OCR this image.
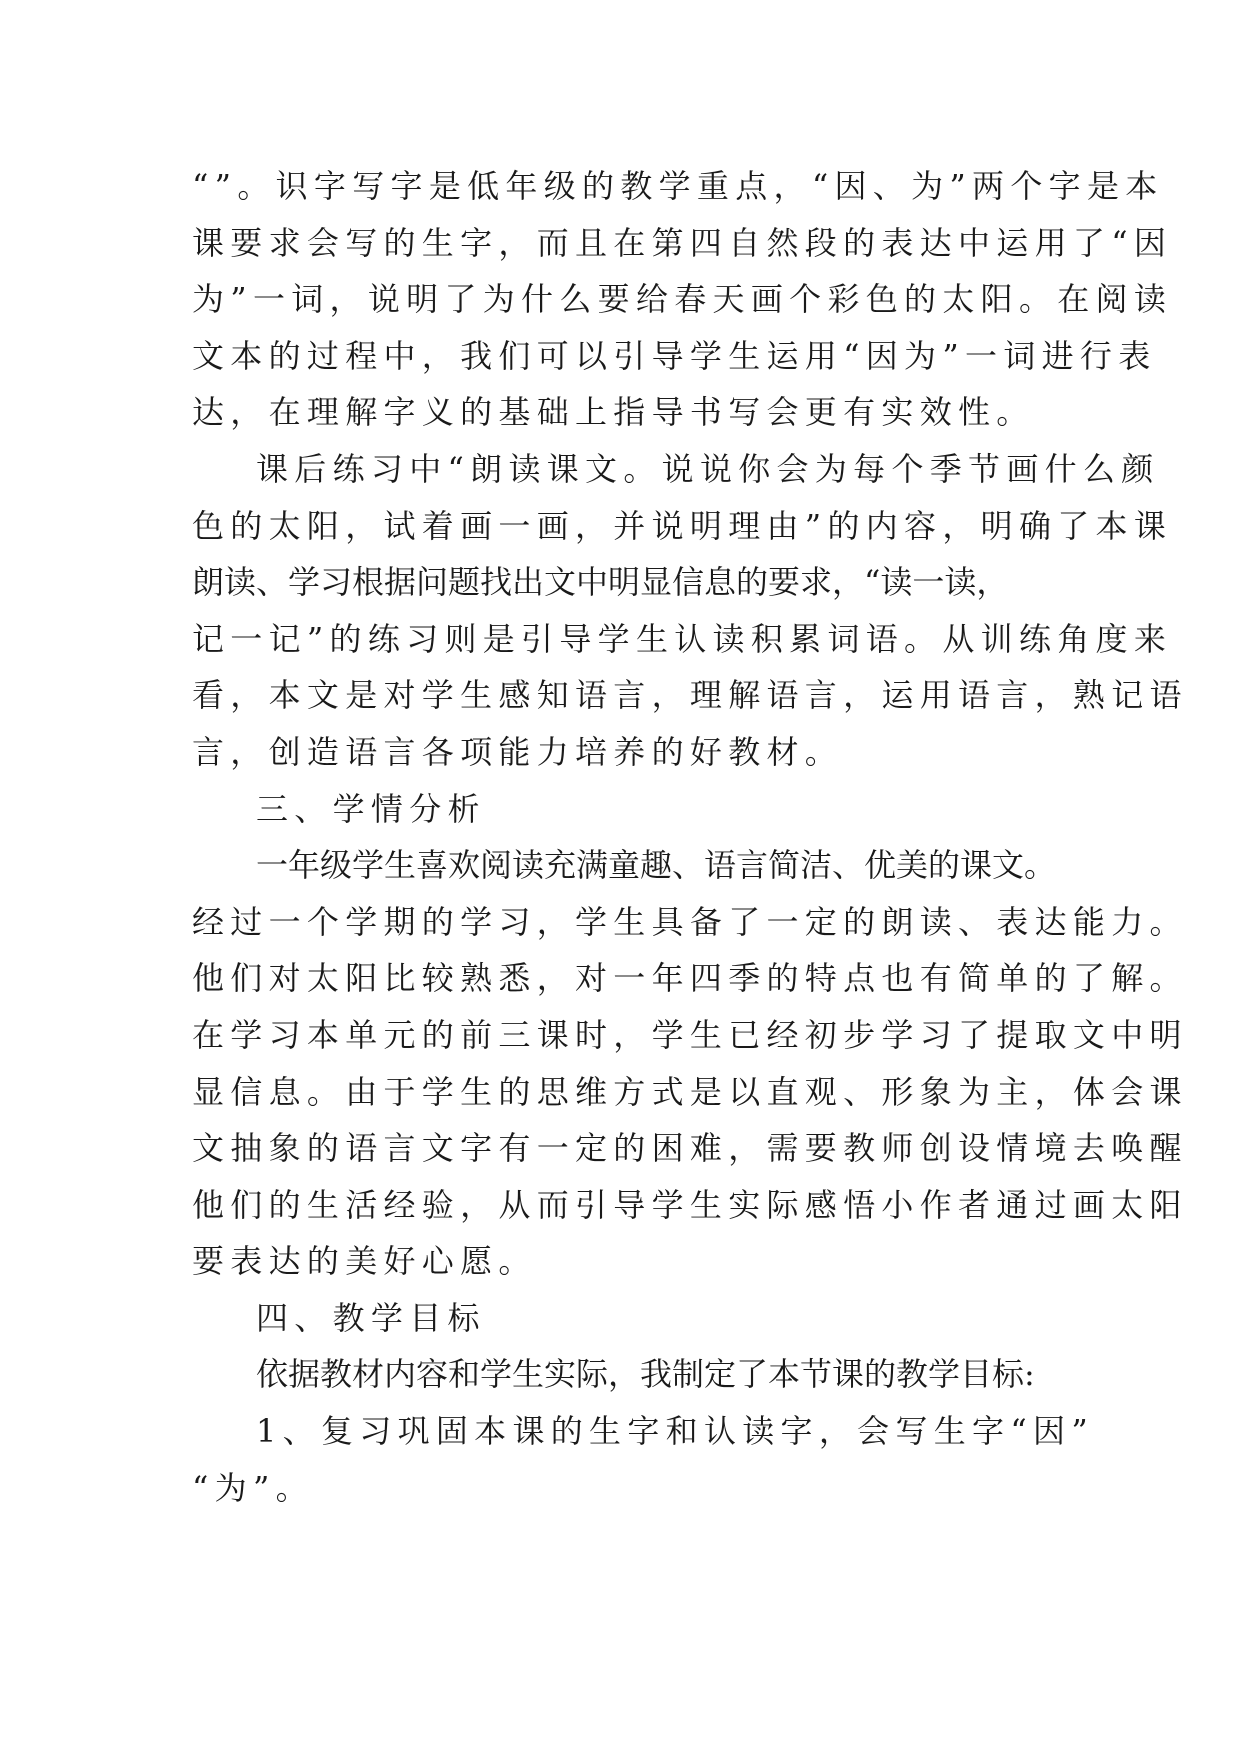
“”。识字写字是低年级的教学重点，“因、为”两个字是本
课要求会写的生字，而且在第四自然段的表达中运用了“因
为”一词，说明了为什么要给春天画个彩色的太阳。在阅读
文本的过程中，我们可以引导学生运用“因为”一词进行表
达，在理解字义的基础上指导书写会更有实效性。
课后练习中“朗读课文。说说你会为每个季节画什么颜
色的太阳，试着画一画，并说明理由”的内容，明确了本课
朗读、学习根据问题找出文中明显信息的要求，“读一读，
记一记”的练习则是引导学生认读积累词语。从训练角度来
看，本文是对学生感知语言，理解语言，运用语言，熟记语
言，创造语言各项能力培养的好教材。
三、学情分析
一年级学生喜欢阅读充满童趣、语言简洁、优美的课文。
经过一个学期的学习，学生具备了一定的朗读、表达能力。
他们对太阳比较熟悉，对一年四季的特点也有简单的了解。
在学习本单元的前三课时，学生已经初步学习了提取文中明
显信息。由于学生的思维方式是以直观、形象为主，体会课
文抽象的语言文字有一定的困难，需要教师创设情境去唤醒
他们的生活经验，从而引导学生实际感悟小作者通过画太阳
要表达的美好心愿。
四、教学目标
依据教材内容和学生实际，我制定了本节课的教学目标:
1、复习巩固本课的生字和认读字，会写生字“因”
“为”。
